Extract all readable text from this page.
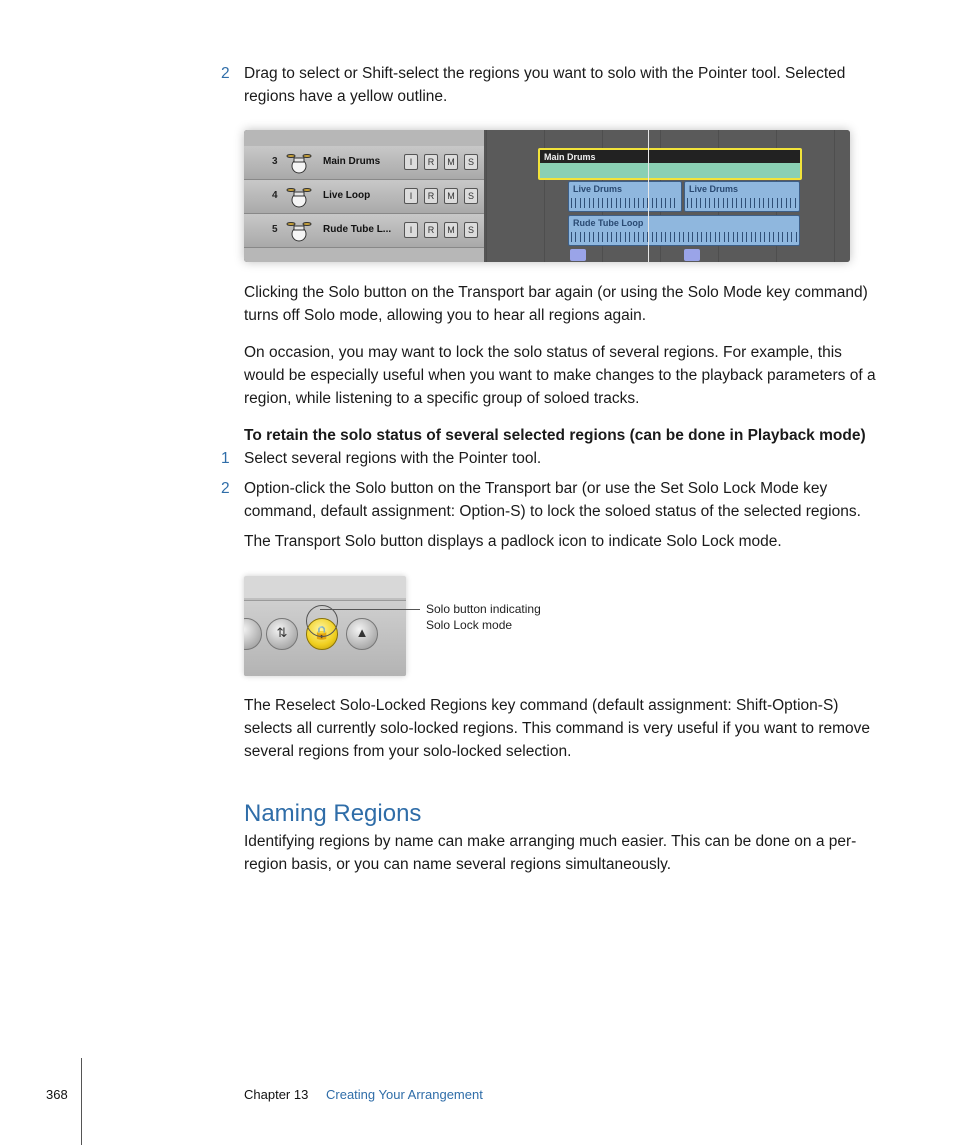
2 Drag to select or Shift-select the regions you want to solo with the Pointer tool. Selected regions have a yellow outline.

3	Main Drums	I	R	M	S
4	Live Loop	I	R	M	S
5	Rude Tube L...	I	R	M	S
Main Drums
Live Drums	Live Drums
Rude Tube Loop

Clicking the Solo button on the Transport bar again (or using the Solo Mode key command) turns off Solo mode, allowing you to hear all regions again.

On occasion, you may want to lock the solo status of several regions. For example, this would be especially useful when you want to make changes to the playback parameters of a region, while listening to a specific group of soloed tracks.

To retain the solo status of several selected regions (can be done in Playback mode)

1 Select several regions with the Pointer tool.

2 Option-click the Solo button on the Transport bar (or use the Set Solo Lock Mode key command, default assignment: Option-S) to lock the soloed status of the selected regions.

The Transport Solo button displays a padlock icon to indicate Solo Lock mode.

⇅	🔒	▲
Solo button indicating
Solo Lock mode

The Reselect Solo-Locked Regions key command (default assignment: Shift-Option-S) selects all currently solo-locked regions. This command is very useful if you want to remove several regions from your solo-locked selection.

Naming Regions

Identifying regions by name can make arranging much easier. This can be done on a per-region basis, or you can name several regions simultaneously.

368	Chapter 13 Creating Your Arrangement
